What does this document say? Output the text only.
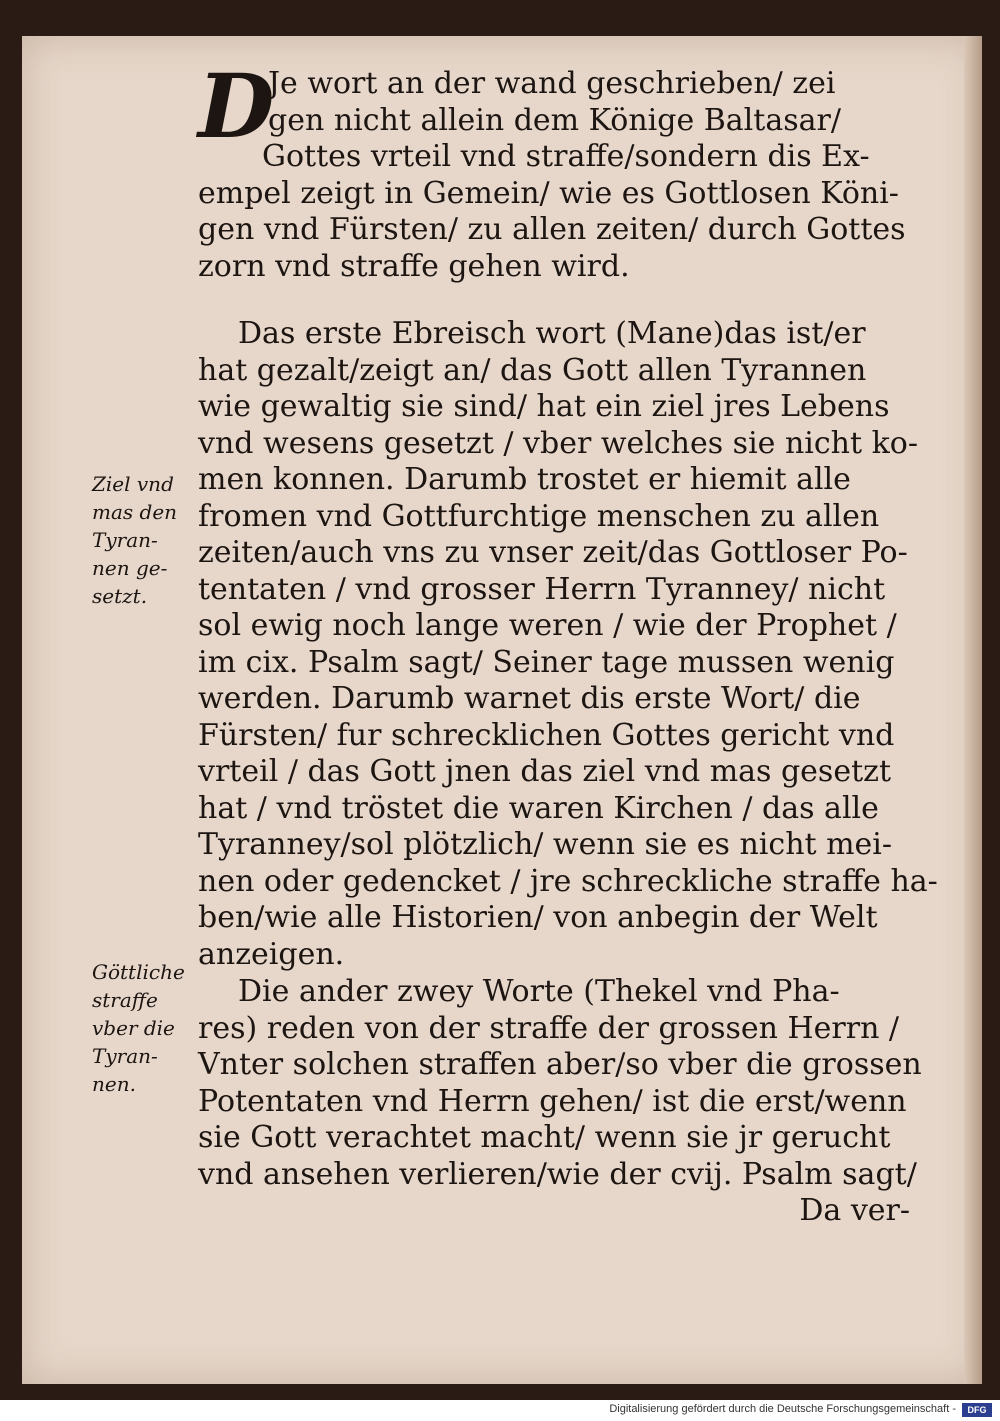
D
Je wort an der wand geschrieben/ zei
gen nicht allein dem Könige Baltasar/
Gottes vrteil vnd straffe/sondern dis Ex-
empel zeigt in Gemein/ wie es Gottlosen Köni-
gen vnd Fürsten/ zu allen zeiten/ durch Gottes
zorn vnd straffe gehen wird.
Das erste Ebreisch wort (Mane)das ist/er
hat gezalt/zeigt an/ das Gott allen Tyrannen
wie gewaltig sie sind/ hat ein ziel jres Lebens
vnd wesens gesetzt / vber welches sie nicht ko-
men konnen. Darumb trostet er hiemit alle
fromen vnd Gottfurchtige menschen zu allen
zeiten/auch vns zu vnser zeit/das Gottloser Po-
tentaten / vnd grosser Herrn Tyranney/ nicht
sol ewig noch lange weren / wie der Prophet /
im cix. Psalm sagt/ Seiner tage mussen wenig
werden. Darumb warnet dis erste Wort/ die
Fürsten/ fur schrecklichen Gottes gericht vnd
vrteil / das Gott jnen das ziel vnd mas gesetzt
hat / vnd tröstet die waren Kirchen / das alle
Tyranney/sol plötzlich/ wenn sie es nicht mei-
nen oder gedencket / jre schreckliche straffe ha-
ben/wie alle Historien/ von anbegin der Welt
anzeigen.
Die ander zwey Worte (Thekel vnd Pha-
res) reden von der straffe der grossen Herrn /
Vnter solchen straffen aber/so vber die grossen
Potentaten vnd Herrn gehen/ ist die erst/wenn
sie Gott verachtet macht/ wenn sie jr gerucht
vnd ansehen verlieren/wie der cvij. Psalm sagt/
Da ver-
Ziel vnd
mas den
Tyran-
nen ge-
setzt.
Göttliche
straffe
vber die
Tyran-
nen.
Digitalisierung gefördert durch die Deutsche Forschungsgemeinschaft -	DFG
